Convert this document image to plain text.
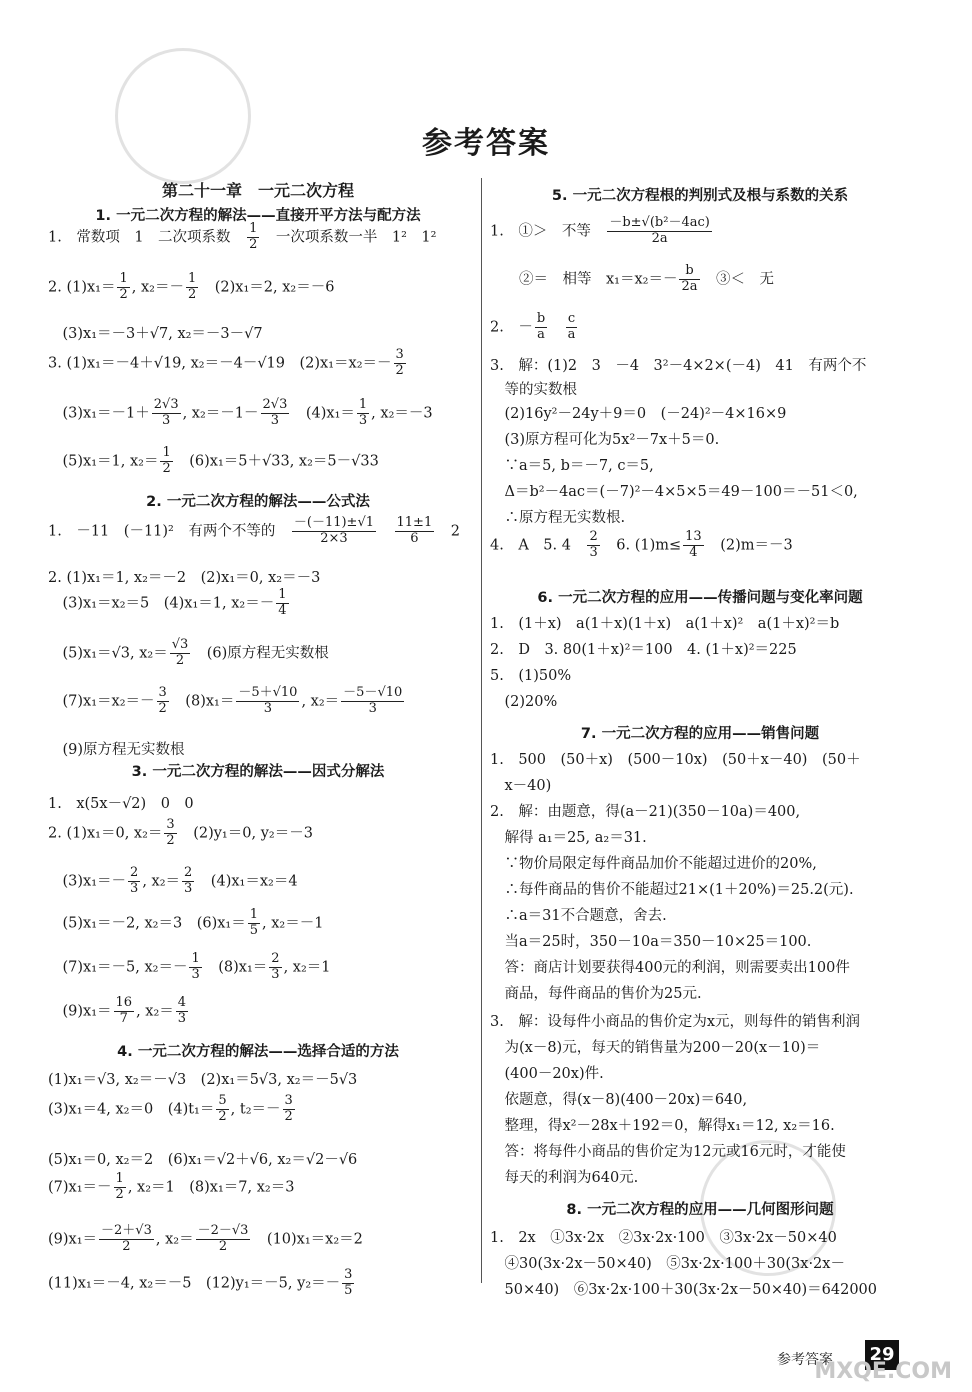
参考答案
第二十一章　一元二次方程
1. 一元二次方程的解法——直接开平方法与配方法
1.　常数项　1　二次项系数　 $\frac{1}{2}$ 　一次项系数一半　1²　1²
2. $(1)x_1= \frac{1}{2}$ , $x_2=- \frac{1}{2}$ 　(2)x₁＝2, x₂＝－6
　(3)x₁＝－3＋√7, x₂＝－3－√7
3. (1)x₁＝－4＋√19, x₂＝－4－√19　$(2)x_1=x_2=- \frac{3}{2}$
　$(3)x_1=-1+ \frac{2√3}{3}$ , $x_2=-1- \frac{2√3}{3}$ 　$(4)x_1= \frac{1}{3}$ , x₂＝－3
　(5)x₁＝1, $x_2= \frac{1}{2}$ 　(6)x₁＝5＋√33, x₂＝5－√33
2. 一元二次方程的解法——公式法
1.　－11　(－11)²　有两个不等的　 $\frac{-(-11)\pm√1}{2\times 3}$
　 $\frac{11\pm 1}{6}$ 　2
2. (1)x₁＝1, x₂＝－2　(2)x₁＝0, x₂＝－3
　(3)x₁＝x₂＝5　(4)x₁＝1, $x_2=- \frac{1}{4}$
　(5)x₁＝√3, $x_2= \frac{√3}{2}$ 　(6)原方程无实数根
　$(7)x_1=x_2=- \frac{3}{2}$ 　$(8)x_1= \frac{-5+√10}{3}$ , $x_2= \frac{-5-√10}{3}$
　(9)原方程无实数根
3. 一元二次方程的解法——因式分解法
1.　x(5x－√2)　0　0
2. (1)x₁＝0, $x_2= \frac{3}{2}$ 　(2)y₁＝0, y₂＝－3
　$(3)x_1=- \frac{2}{3}$ , $x_2= \frac{2}{3}$ 　(4)x₁＝x₂＝4
　(5)x₁＝－2, x₂＝3　$(6)x_1= \frac{1}{5}$ , x₂＝－1
　(7)x₁＝－5, $x_2=- \frac{1}{3}$ 　$(8)x_1= \frac{2}{3}$ , x₂＝1
　$(9)x_1= \frac{16}{7}$ , $x_2= \frac{4}{3}$
4. 一元二次方程的解法——选择合适的方法
(1)x₁＝√3, x₂＝－√3　(2)x₁＝5√3, x₂＝－5√3
(3)x₁＝4, x₂＝0　$(4)t_1= \frac{5}{2}$ , $t_2=- \frac{3}{2}$
(5)x₁＝0, x₂＝2　(6)x₁＝√2＋√6, x₂＝√2－√6
$(7)x_1=- \frac{1}{2}$ , x₂＝1　(8)x₁＝7, x₂＝3
$(9)x_1= \frac{-2+√3}{2}$ , $x_2= \frac{-2-√3}{2}$ 　(10)x₁＝x₂＝2
(11)x₁＝－4, x₂＝－5　(12)y₁＝－5, $y_2=- \frac{3}{5}$
5. 一元二次方程根的判别式及根与系数的关系
1.　①＞　不等　 $\frac{\text{－b±√(b²－4ac)}}{2a}$
　　②＝　相等　$x_1=x_2=- \frac{b}{2a}$ 　③＜　无
2.　－ $\frac{b}{a}$
　 $\frac{c}{a}$
3.　解：(1)2　3　－4　3²－4×2×(－4)　41　有两个不
　等的实数根
　(2)16y²－24y＋9＝0　(－24)²－4×16×9
　(3)原方程可化为5x²－7x＋5＝0.
　∵a＝5, b＝－7, c＝5,
　Δ＝b²－4ac＝(－7)²－4×5×5＝49－100＝－51＜0,
　∴原方程无实数根.
4.　A　5. 4　 $\frac{2}{3}$ 　6. $(1)m\le \frac{13}{4}$ 　(2)m＝－3
6. 一元二次方程的应用——传播问题与变化率问题
1.　(1＋x)　a(1＋x)(1＋x)　a(1＋x)²　a(1＋x)²＝b
2.　D　3. 80(1＋x)²＝100　4. (1＋x)²＝225
5.　(1)50%
　(2)20%
7. 一元二次方程的应用——销售问题
1.　500　(50＋x)　(500－10x)　(50＋x－40)　(50＋
　x－40)
2.　解：由题意，得(a－21)(350－10a)＝400,
　解得 a₁＝25, a₂＝31.
　∵物价局限定每件商品加价不能超过进价的20%,
　∴每件商品的售价不能超过21×(1＋20%)＝25.2(元).
　∴a＝31不合题意，舍去.
　当a＝25时，350－10a＝350－10×25＝100.
　答：商店计划要获得400元的利润，则需要卖出100件
　商品，每件商品的售价为25元.
3.　解：设每件小商品的售价定为x元，则每件的销售利润
　为(x－8)元，每天的销售量为200－20(x－10)＝
　(400－20x)件.
　依题意，得(x－8)(400－20x)＝640,
　整理，得x²－28x＋192＝0，解得x₁＝12, x₂＝16.
　答：将每件小商品的售价定为12元或16元时，才能使
　每天的利润为640元.
8. 一元二次方程的应用——几何图形问题
1.　2x　①3x·2x　②3x·2x·100　③3x·2x－50×40
　④30(3x·2x－50×40)　⑤3x·2x·100＋30(3x·2x－
　50×40)　⑥3x·2x·100＋30(3x·2x－50×40)＝642000
参考答案 29
MXQE.COM
